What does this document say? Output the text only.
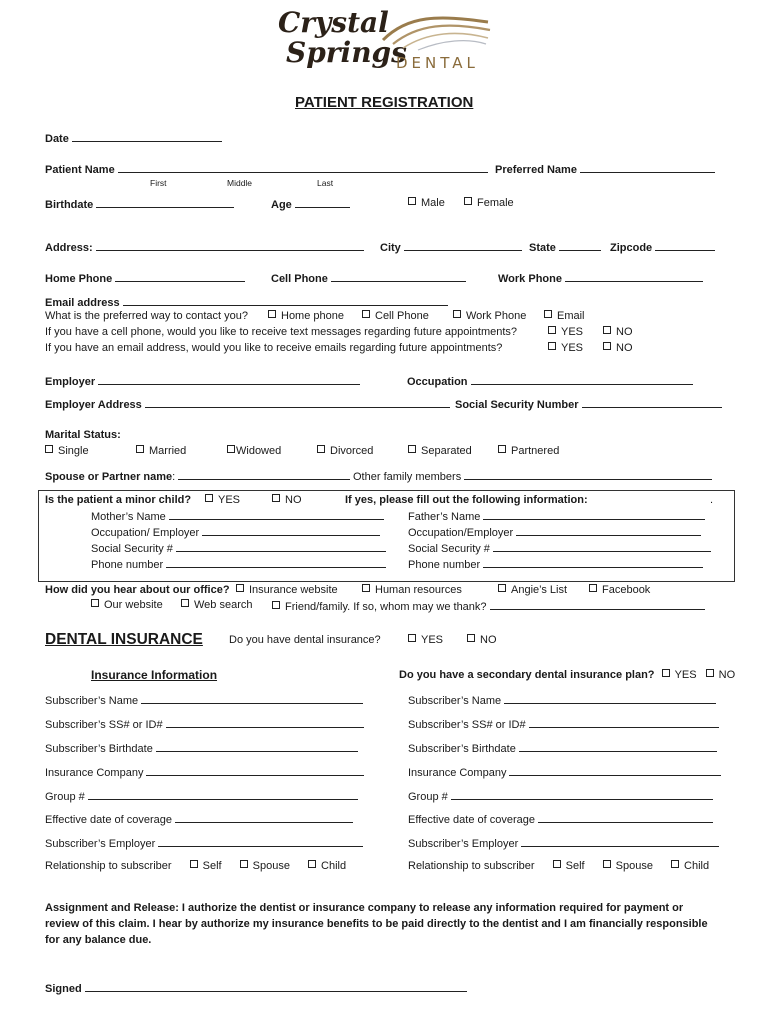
Crystal
Springs
DENTAL
PATIENT REGISTRATION
Date
Patient Name	Preferred Name
First	Middle	Last
Birthdate	Age	Male	Female
Address:	City	State	Zipcode
Home Phone	Cell Phone	Work Phone
Email address
What is the preferred way to contact you?	Home phone	Cell Phone	Work Phone	Email
If you have a cell phone, would you like to receive text messages regarding future appointments?	YES	NO
If you have an email address, would you like to receive emails regarding future appointments?	YES	NO
Employer	Occupation
Employer Address	Social Security Number
Marital Status:
Single	Married	Widowed	Divorced	Separated	Partnered
Spouse or Partner name:	Other family members
Is the patient a minor child?	YES	NO	If yes, please fill out the following information:	.
Mother’s Name
Occupation/ Employer
Social Security #
Phone number
Father’s Name
Occupation/Employer
Social Security #
Phone number
How did you hear about our office?	Insurance website	Human resources	Angie’s List	Facebook
Our website	Web search	Friend/family. If so, whom may we thank?
DENTAL INSURANCE Do you have dental insurance?	YES	NO
Insurance Information	Do you have a secondary dental insurance plan? YES NO
Subscriber’s Name
Subscriber’s SS# or ID#
Subscriber’s Birthdate
Insurance Company
Group #
Effective date of coverage
Subscriber’s Employer
Relationship to subscriber	Self	Spouse	Child
Subscriber’s Name
Subscriber’s SS# or ID#
Subscriber’s Birthdate
Insurance Company
Group #
Effective date of coverage
Subscriber’s Employer
Relationship to subscriber	Self	Spouse	Child
Assignment and Release: I authorize the dentist or insurance company to release any information required for payment or
review of this claim. I hear by authorize my insurance benefits to be paid directly to the dentist and I am financially responsible
for any balance due.
Signed
